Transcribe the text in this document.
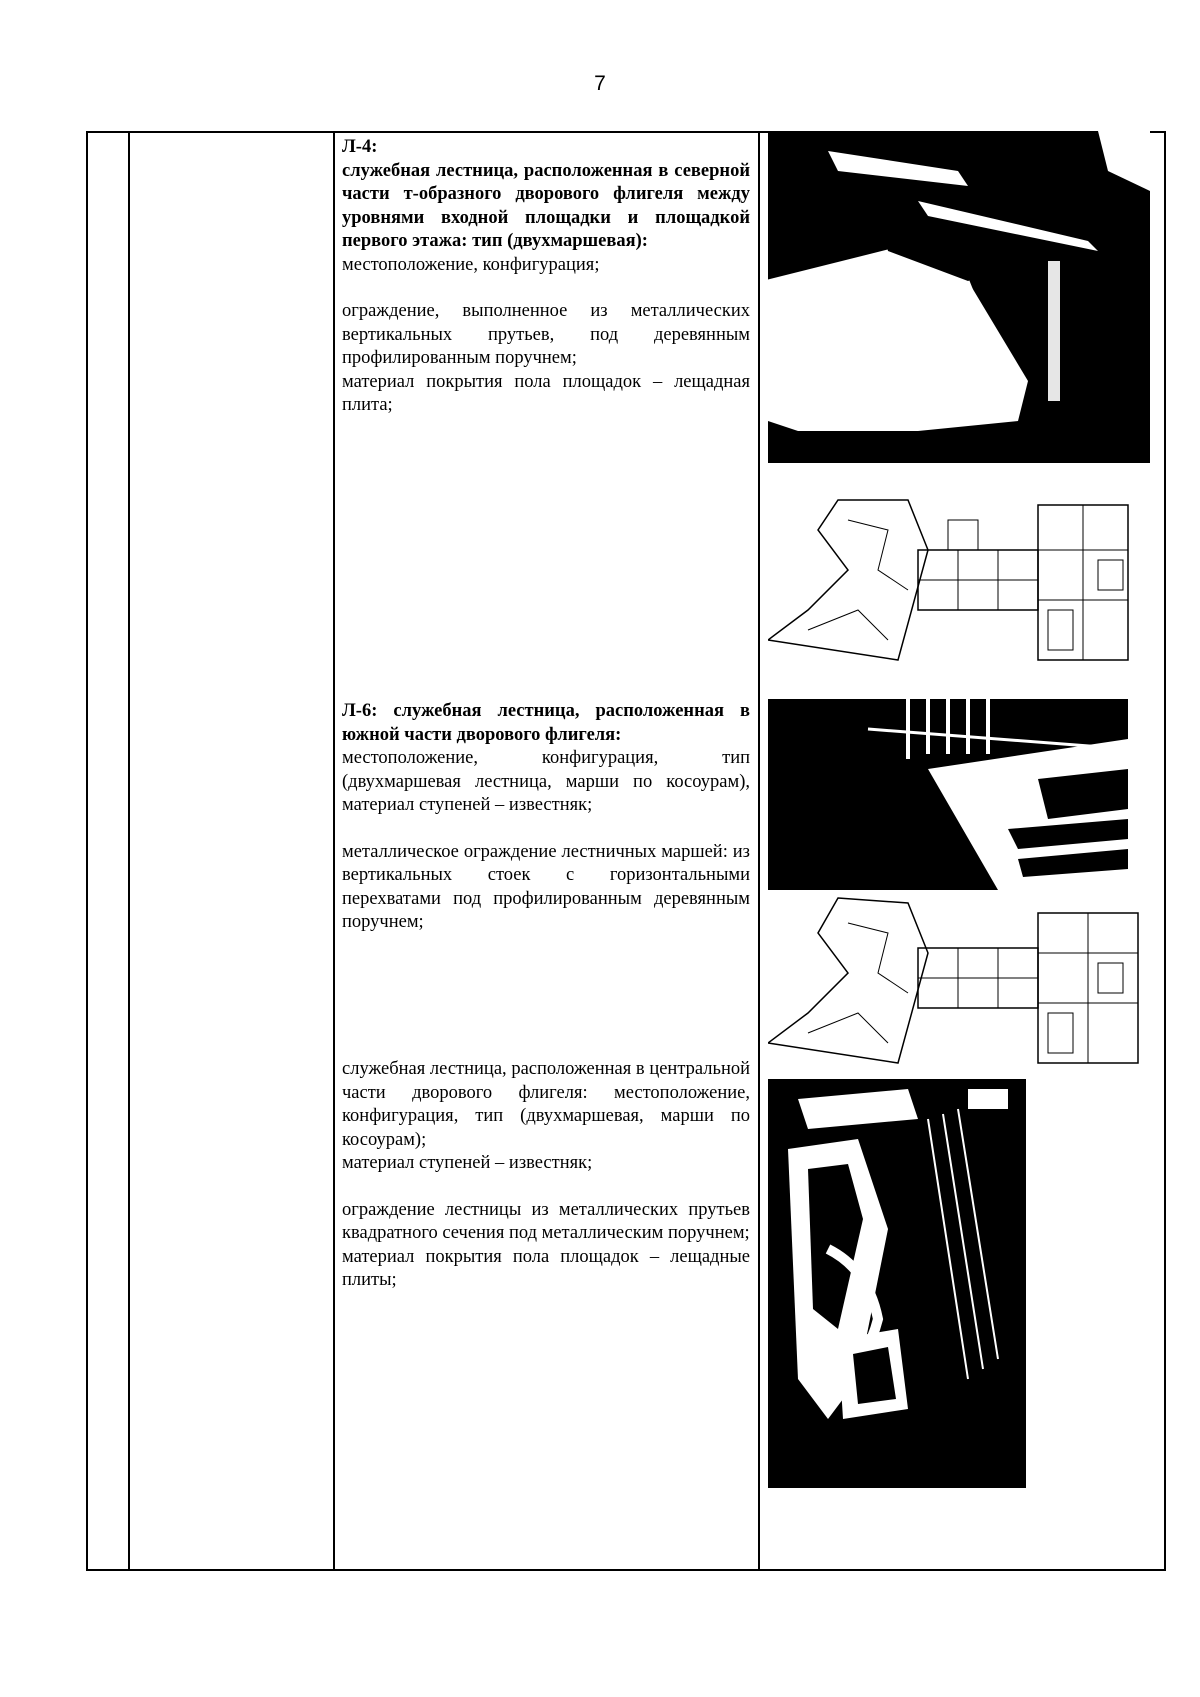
7

Л-4:

служебная лестница, расположенная в северной части т-образного дворового флигеля между уровнями входной площадки и площадкой первого этажа: тип (двухмаршевая):

местоположение, конфигурация;

ограждение, выполненное из металлических вертикальных прутьев, под деревянным профилированным поручнем;

материал покрытия пола площадок – лещадная плита;

Л-6: служебная лестница, расположенная в южной части дворового флигеля:

местоположение, конфигурация, тип (двухмаршевая лестница, марши по косоурам), материал ступеней – известняк;

металлическое ограждение лестничных маршей: из вертикальных стоек с горизонтальными перехватами под профилированным деревянным поручнем;

служебная лестница, расположенная в центральной части дворового флигеля: местоположение, конфигурация, тип (двухмаршевая, марши по косоурам);

материал ступеней – известняк;

ограждение лестницы из металлических прутьев квадратного сечения под металлическим поручнем;

материал покрытия пола площадок – лещадные плиты;
